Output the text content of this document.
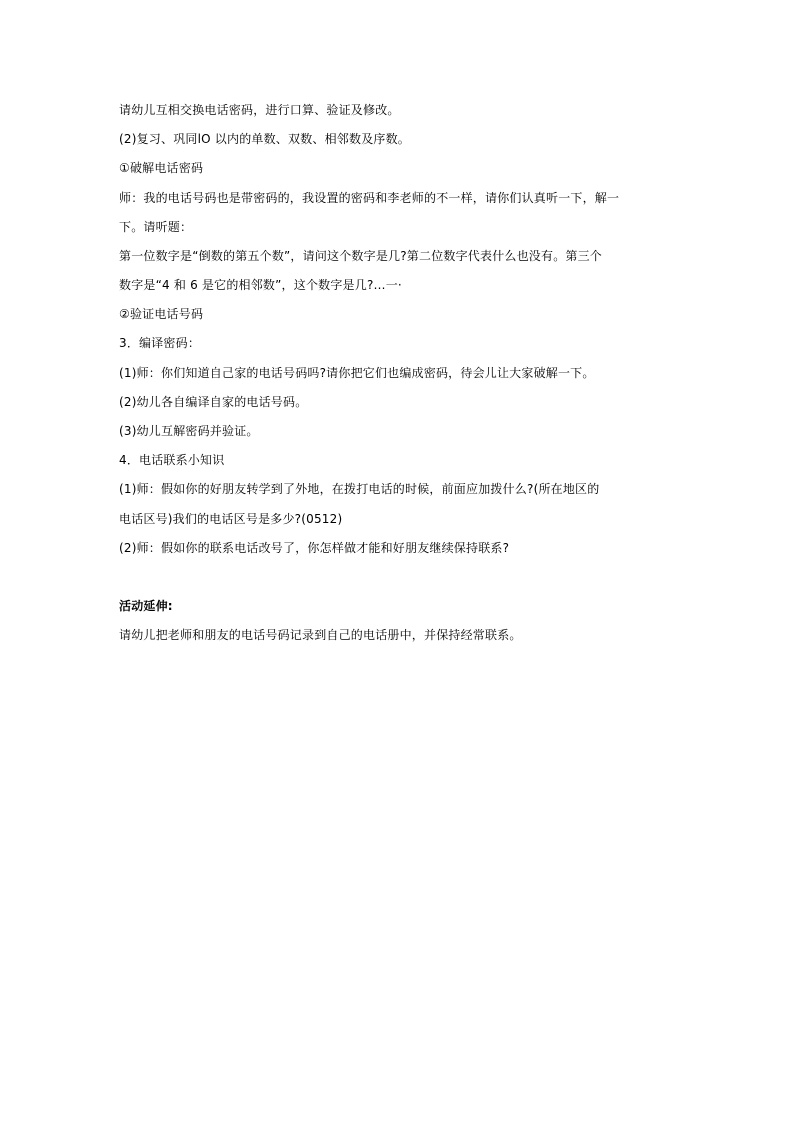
请幼儿互相交换电话密码，进行口算、验证及修改。
(2)复习、巩同lO 以内的单数、双数、相邻数及序数。
①破解电话密码
师：我的电话号码也是带密码的，我设置的密码和李老师的不一样，请你们认真听一下，解一
下。请听题：
第一位数字是“倒数的第五个数”，请问这个数字是几?第二位数字代表什么也没有。第三个
数字是“4 和 6 是它的相邻数”，这个数字是几?…一·
②验证电话号码
3．编译密码：
(1)师：你们知道自己家的电话号码吗?请你把它们也编成密码，待会儿让大家破解一下。
(2)幼儿各自编译自家的电话号码。
(3)幼儿互解密码并验证。
4．电话联系小知识
(1)师：假如你的好朋友转学到了外地，在拨打电话的时候，前面应加拨什么?(所在地区的
电话区号)我们的电话区号是多少?(0512)
(2)师：假如你的联系电话改号了，你怎样做才能和好朋友继续保持联系?
活动延伸:
请幼儿把老师和朋友的电话号码记录到自己的电话册中，并保持经常联系。
